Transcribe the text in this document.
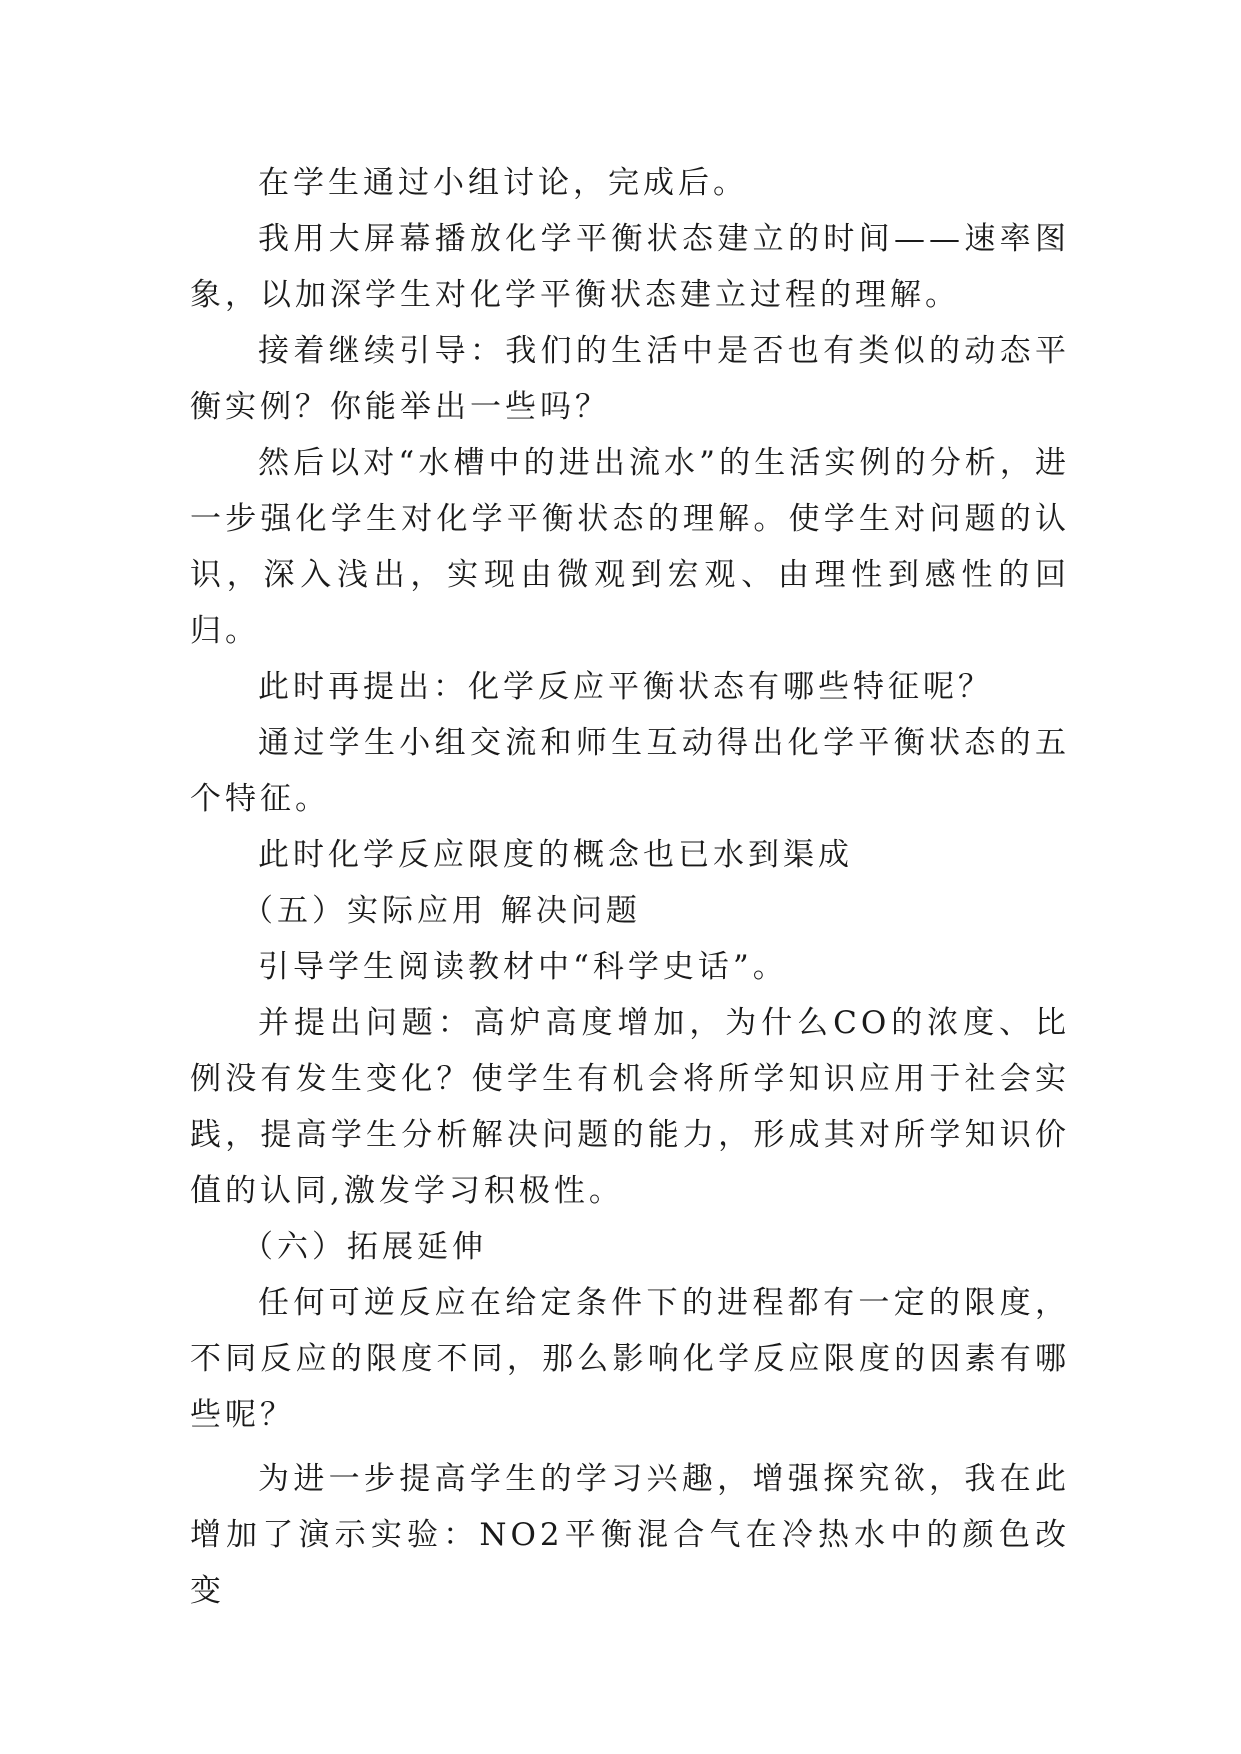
在学生通过小组讨论，完成后。

我用大屏幕播放化学平衡状态建立的时间——速率图象，以加深学生对化学平衡状态建立过程的理解。

接着继续引导：我们的生活中是否也有类似的动态平衡实例？你能举出一些吗？

然后以对“水槽中的进出流水”的生活实例的分析，进一步强化学生对化学平衡状态的理解。使学生对问题的认识，深入浅出，实现由微观到宏观、由理性到感性的回归。

此时再提出：化学反应平衡状态有哪些特征呢？

通过学生小组交流和师生互动得出化学平衡状态的五个特征。

此时化学反应限度的概念也已水到渠成

（五）实际应用 解决问题

引导学生阅读教材中“科学史话”。

并提出问题：高炉高度增加，为什么CO的浓度、比例没有发生变化？使学生有机会将所学知识应用于社会实践，提高学生分析解决问题的能力，形成其对所学知识价值的认同,激发学习积极性。

（六）拓展延伸

任何可逆反应在给定条件下的进程都有一定的限度，不同反应的限度不同，那么影响化学反应限度的因素有哪些呢？

为进一步提高学生的学习兴趣，增强探究欲，我在此增加了演示实验：NO2平衡混合气在冷热水中的颜色改变
